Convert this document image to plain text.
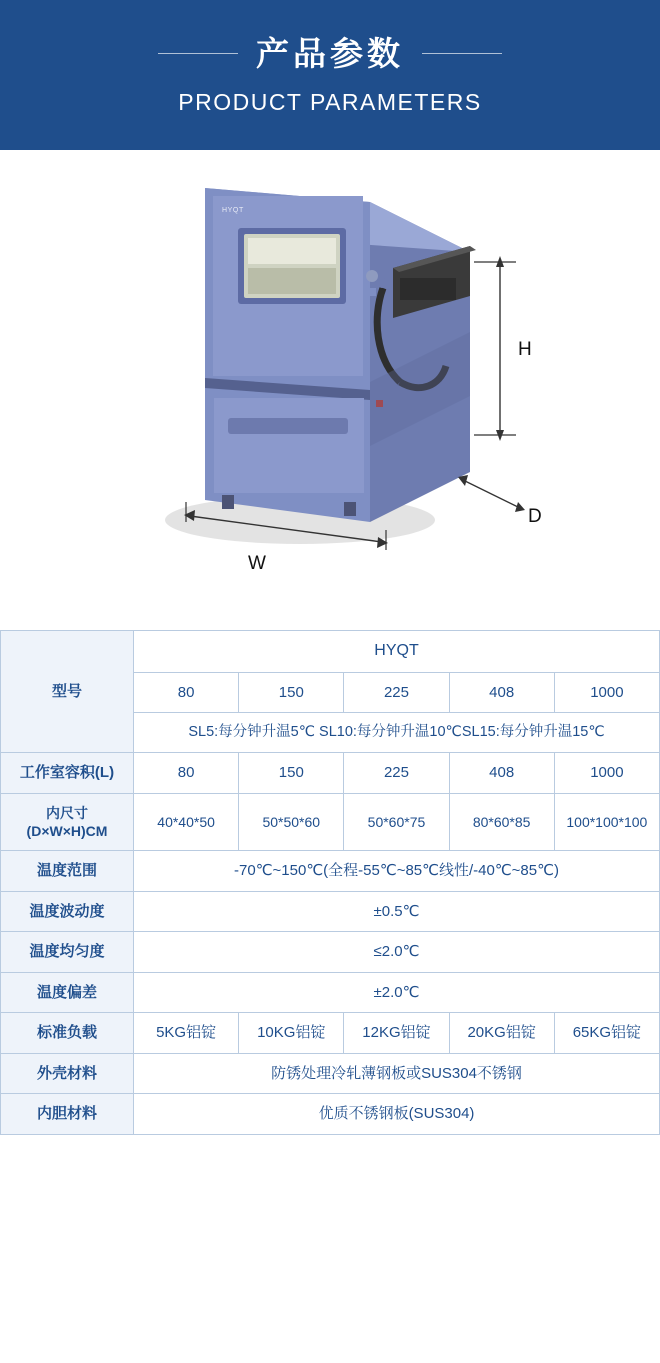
产品参数
PRODUCT PARAMETERS
HYQT
H
D
W
型号	HYQT				
	80	150	225	408	1000
	SL5:每分钟升温5℃ SL10:每分钟升温10℃SL15:每分钟升温15℃				
工作室容积(L)	80	150	225	408	1000

内尺寸
(D×W×H)CM	40*40*50	50*50*60	50*60*75	80*60*85	100*100*100
温度范围	-70℃~150℃(全程-55℃~85℃线性/-40℃~85℃)				
温度波动度	±0.5℃				
温度均匀度	≤2.0℃				
温度偏差	±2.0℃				
标准负载	5KG铝锭	10KG铝锭	12KG铝锭	20KG铝锭	65KG铝锭
外壳材料	防锈处理冷轧薄钢板或SUS304不锈钢				
内胆材料	优质不锈钢板(SUS304)				
